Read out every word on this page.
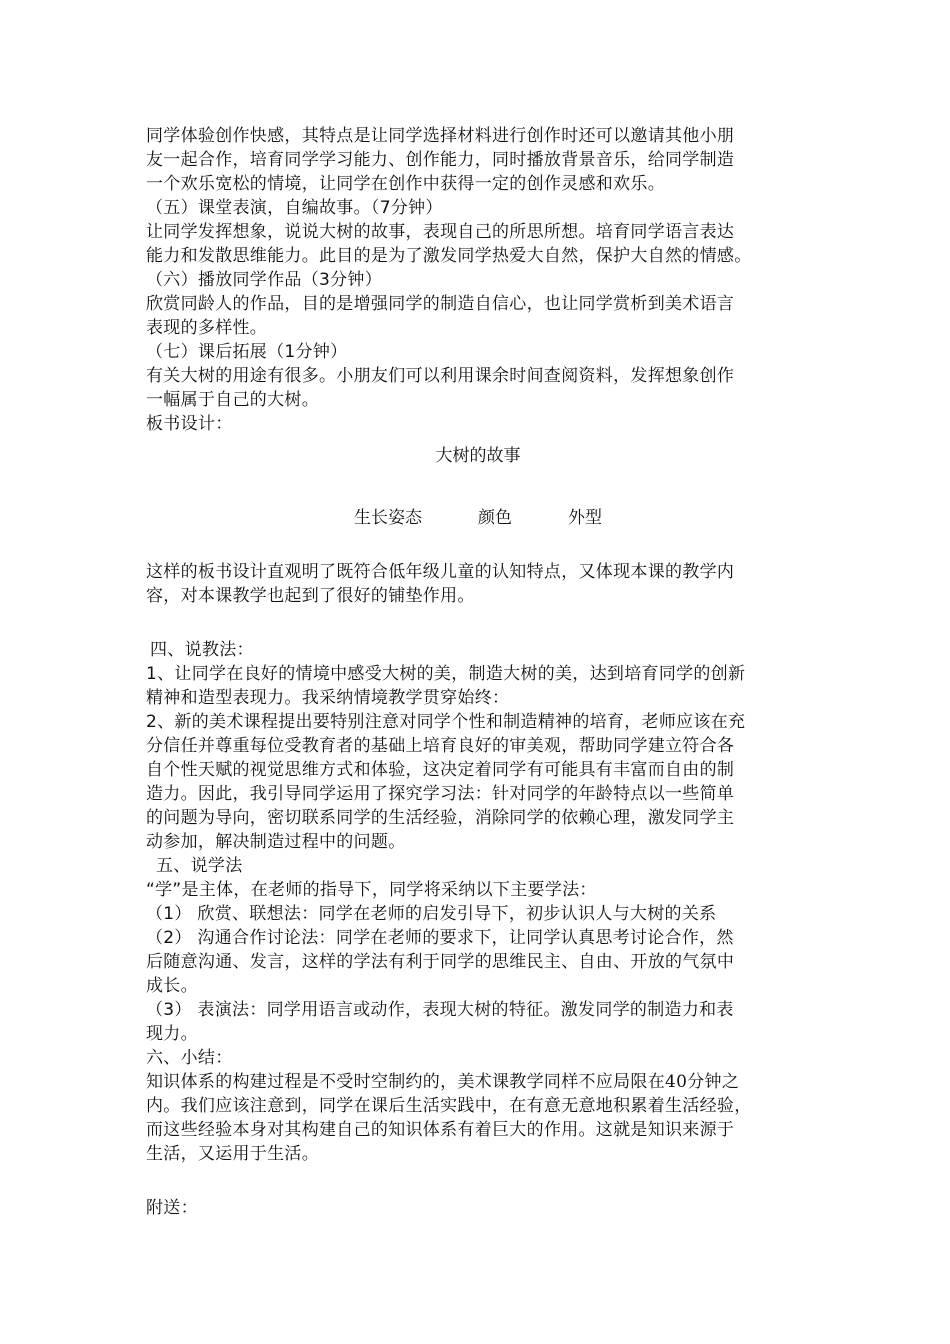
同学体验创作快感，其特点是让同学选择材料进行创作时还可以邀请其他小朋
友一起合作，培育同学学习能力、创作能力，同时播放背景音乐，给同学制造
一个欢乐宽松的情境，让同学在创作中获得一定的创作灵感和欢乐。
（五）课堂表演，自编故事。（7分钟）
让同学发挥想象，说说大树的故事，表现自己的所思所想。培育同学语言表达
能力和发散思维能力。此目的是为了激发同学热爱大自然，保护大自然的情感。
（六）播放同学作品（3分钟）
欣赏同龄人的作品，目的是增强同学的制造自信心，也让同学赏析到美术语言
表现的多样性。
（七）课后拓展（1分钟）
有关大树的用途有很多。小朋友们可以利用课余时间查阅资料，发挥想象创作
一幅属于自己的大树。
板书设计：
大树的故事
生长姿态	颜色	外型
这样的板书设计直观明了既符合低年级儿童的认知特点，又体现本课的教学内
容，对本课教学也起到了很好的铺垫作用。
四、说教法：
1、让同学在良好的情境中感受大树的美，制造大树的美，达到培育同学的创新
精神和造型表现力。我采纳情境教学贯穿始终：
2、新的美术课程提出要特别注意对同学个性和制造精神的培育，老师应该在充
分信任并尊重每位受教育者的基础上培育良好的审美观，帮助同学建立符合各
自个性天赋的视觉思维方式和体验，这决定着同学有可能具有丰富而自由的制
造力。因此，我引导同学运用了探究学习法：针对同学的年龄特点以一些简单
的问题为导向，密切联系同学的生活经验，消除同学的依赖心理，激发同学主
动参加，解决制造过程中的问题。
五、说学法
“学”是主体，在老师的指导下，同学将采纳以下主要学法：
（1） 欣赏、联想法：同学在老师的启发引导下，初步认识人与大树的关系
（2） 沟通合作讨论法：同学在老师的要求下，让同学认真思考讨论合作，然
后随意沟通、发言，这样的学法有利于同学的思维民主、自由、开放的气氛中
成长。
（3） 表演法：同学用语言或动作，表现大树的特征。激发同学的制造力和表
现力。
六、小结：
知识体系的构建过程是不受时空制约的，美术课教学同样不应局限在40分钟之
内。我们应该注意到，同学在课后生活实践中，在有意无意地积累着生活经验，
而这些经验本身对其构建自己的知识体系有着巨大的作用。这就是知识来源于
生活，又运用于生活。
附送：
